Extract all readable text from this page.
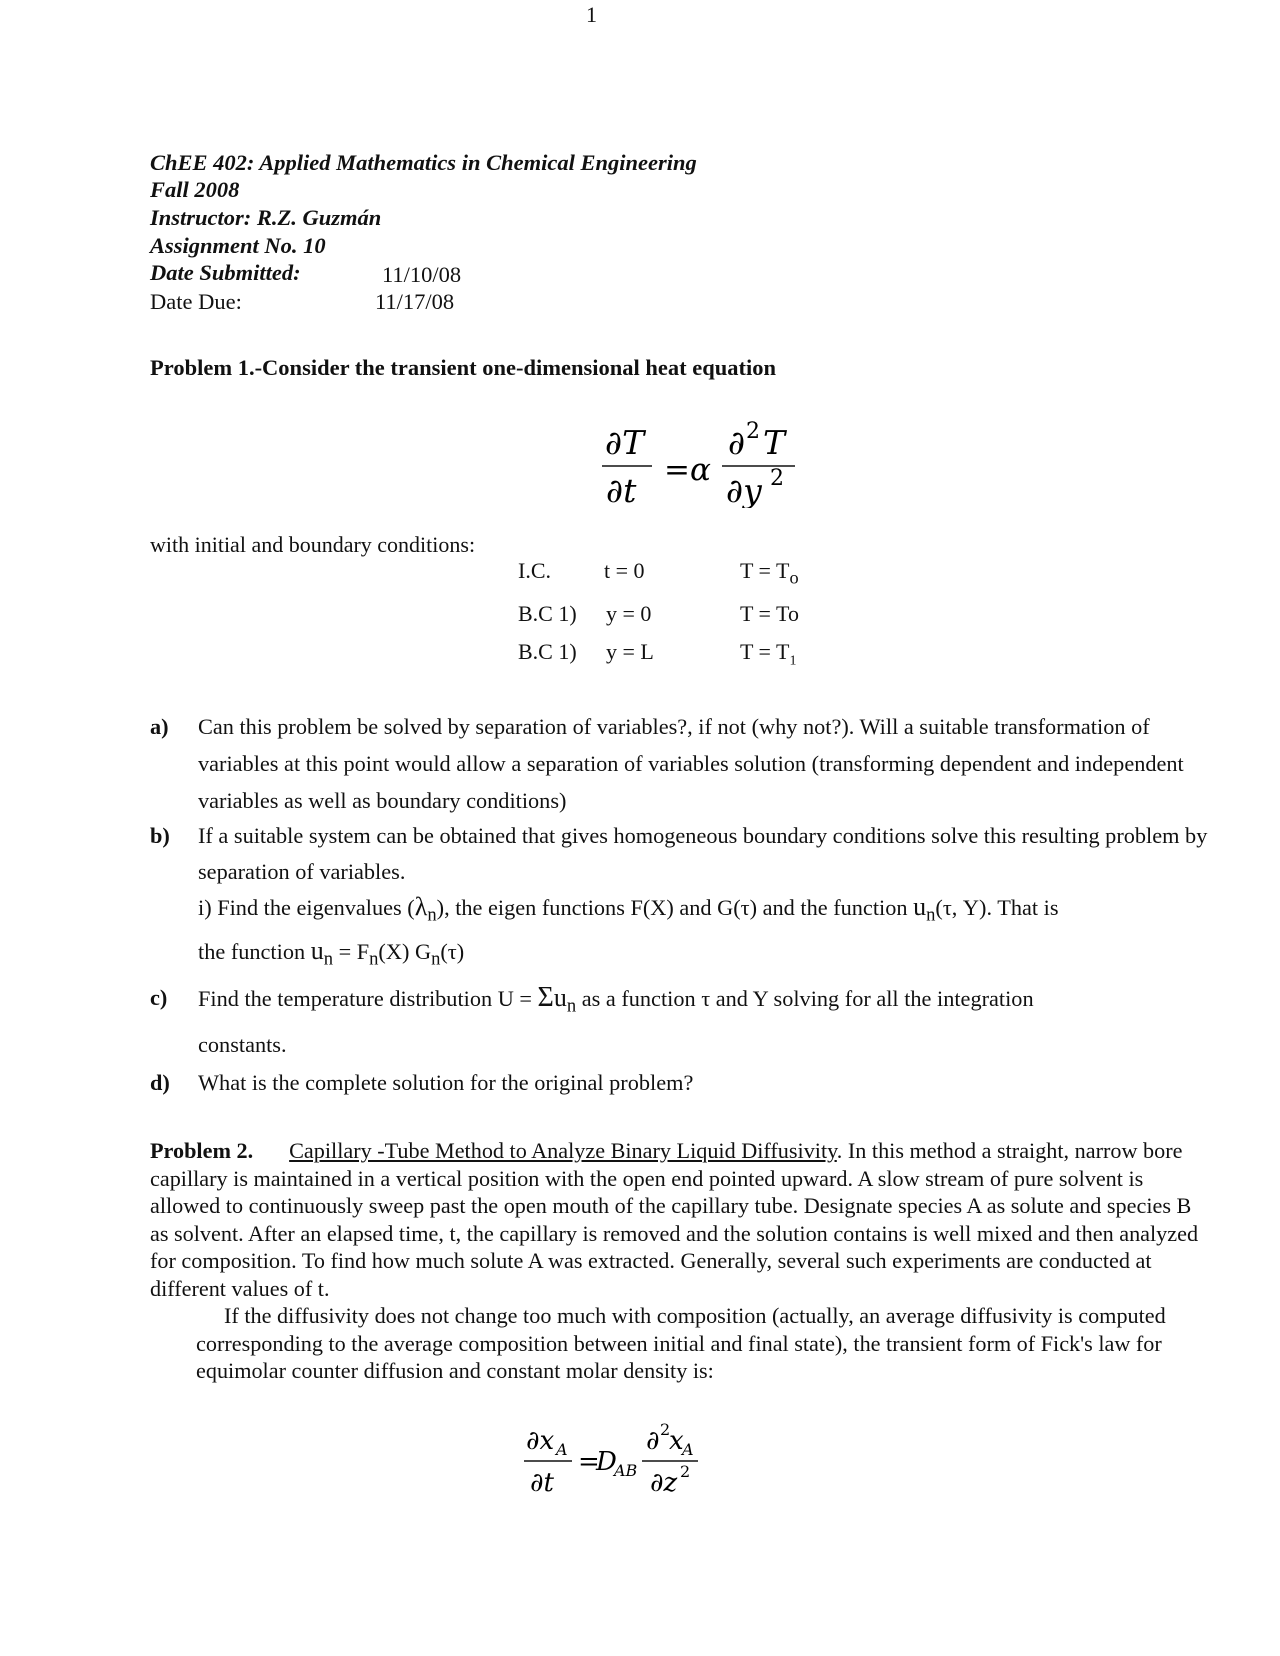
1
ChEE 402: Applied Mathematics in Chemical Engineering
Fall 2008
Instructor: R.Z. Guzmán
Assignment No. 10
Date Submitted:	11/10/08
Date Due:	11/17/08
Problem 1.-Consider the transient one-dimensional heat equation
∂T
∂t
=α
∂ 2 T
∂y 2
with initial and boundary conditions:
I.C. t = 0	$T = T_o$
B.C 1) y = 0	T = To
B.C 1) y = L	$T = T_1$
a)	Can this problem be solved by separation of variables?, if not (why not?). Will a suitable transformation of variables at this point would allow a separation of variables solution (transforming dependent and independent variables as well as boundary conditions)
b)	If a suitable system can be obtained that gives homogeneous boundary conditions solve this resulting problem by separation of variables.
i) Find the eigenvalues $(\lambda_n)$, the eigen functions F(X) and G(τ) and the function $u_n(\tau$, Y). That is
the function $u_n = F_n(X)$ $G_n(\tau)$
c)	Find the temperature distribution $U = \Sigma u_n$ as a function τ and Y solving for all the integration
constants.
d)	What is the complete solution for the original problem?
Problem 2. Capillary -Tube Method to Analyze Binary Liquid Diffusivity. In this method a straight, narrow bore capillary is maintained in a vertical position with the open end pointed upward. A slow stream of pure solvent is allowed to continuously sweep past the open mouth of the capillary tube. Designate species A as solute and species B as solvent. After an elapsed time, t, the capillary is removed and the solution contains is well mixed and then analyzed for composition. To find how much solute A was extracted. Generally, several such experiments are conducted at different values of t.
If the diffusivity does not change too much with composition (actually, an average diffusivity is computed corresponding to the average composition between initial and final state), the transient form of Fick's law for equimolar counter diffusion and constant molar density is:
∂x A
∂t
=
D
AB
∂ 2
x
A
∂z 2
